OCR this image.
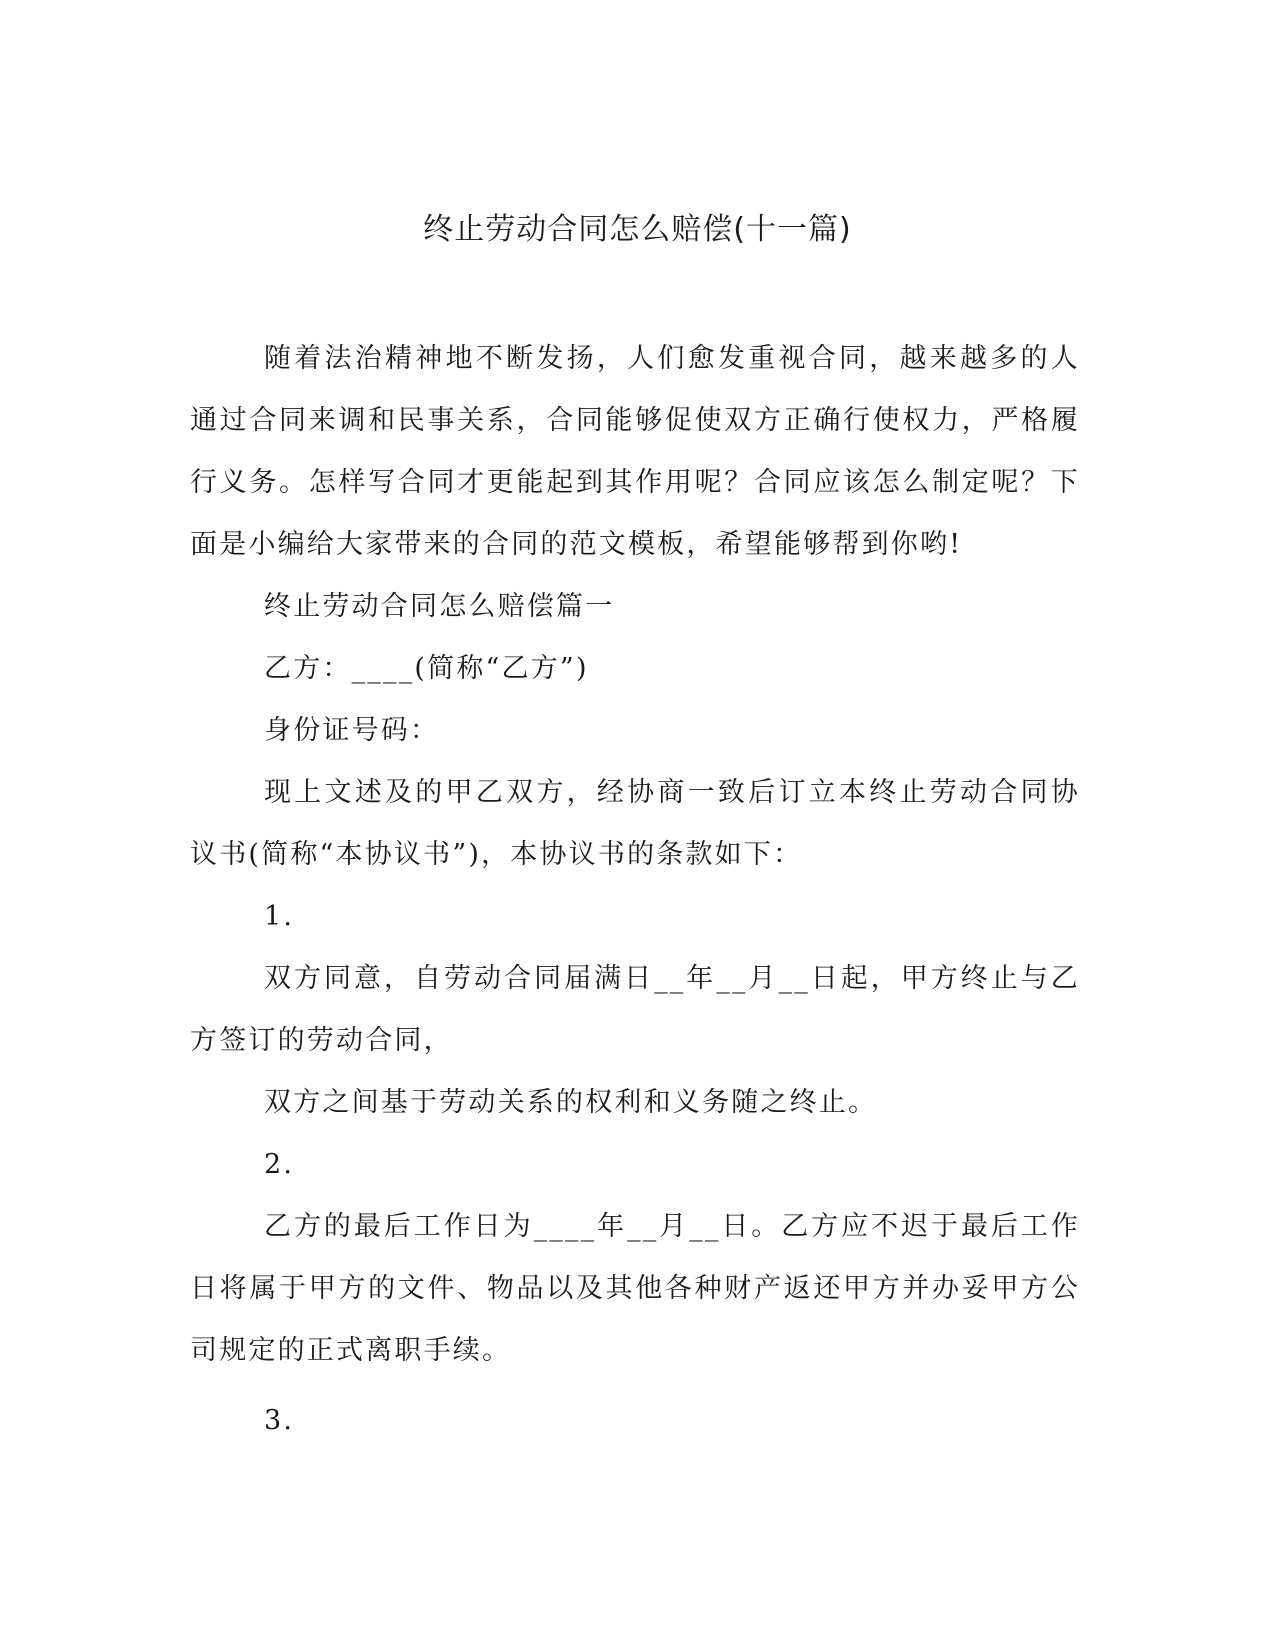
终止劳动合同怎么赔偿(十一篇)

随着法治精神地不断发扬，人们愈发重视合同，越来越多的人通过合同来调和民事关系，合同能够促使双方正确行使权力，严格履行义务。怎样写合同才更能起到其作用呢？合同应该怎么制定呢？下面是小编给大家带来的合同的范文模板，希望能够帮到你哟!

终止劳动合同怎么赔偿篇一

乙方：____(简称“乙方”)

身份证号码：

现上文述及的甲乙双方，经协商一致后订立本终止劳动合同协议书(简称“本协议书”)，本协议书的条款如下：

1.

双方同意，自劳动合同届满日__年__月__日起，甲方终止与乙方签订的劳动合同，

双方之间基于劳动关系的权利和义务随之终止。

2.

乙方的最后工作日为____年__月__日。乙方应不迟于最后工作日将属于甲方的文件、物品以及其他各种财产返还甲方并办妥甲方公司规定的正式离职手续。

3.
